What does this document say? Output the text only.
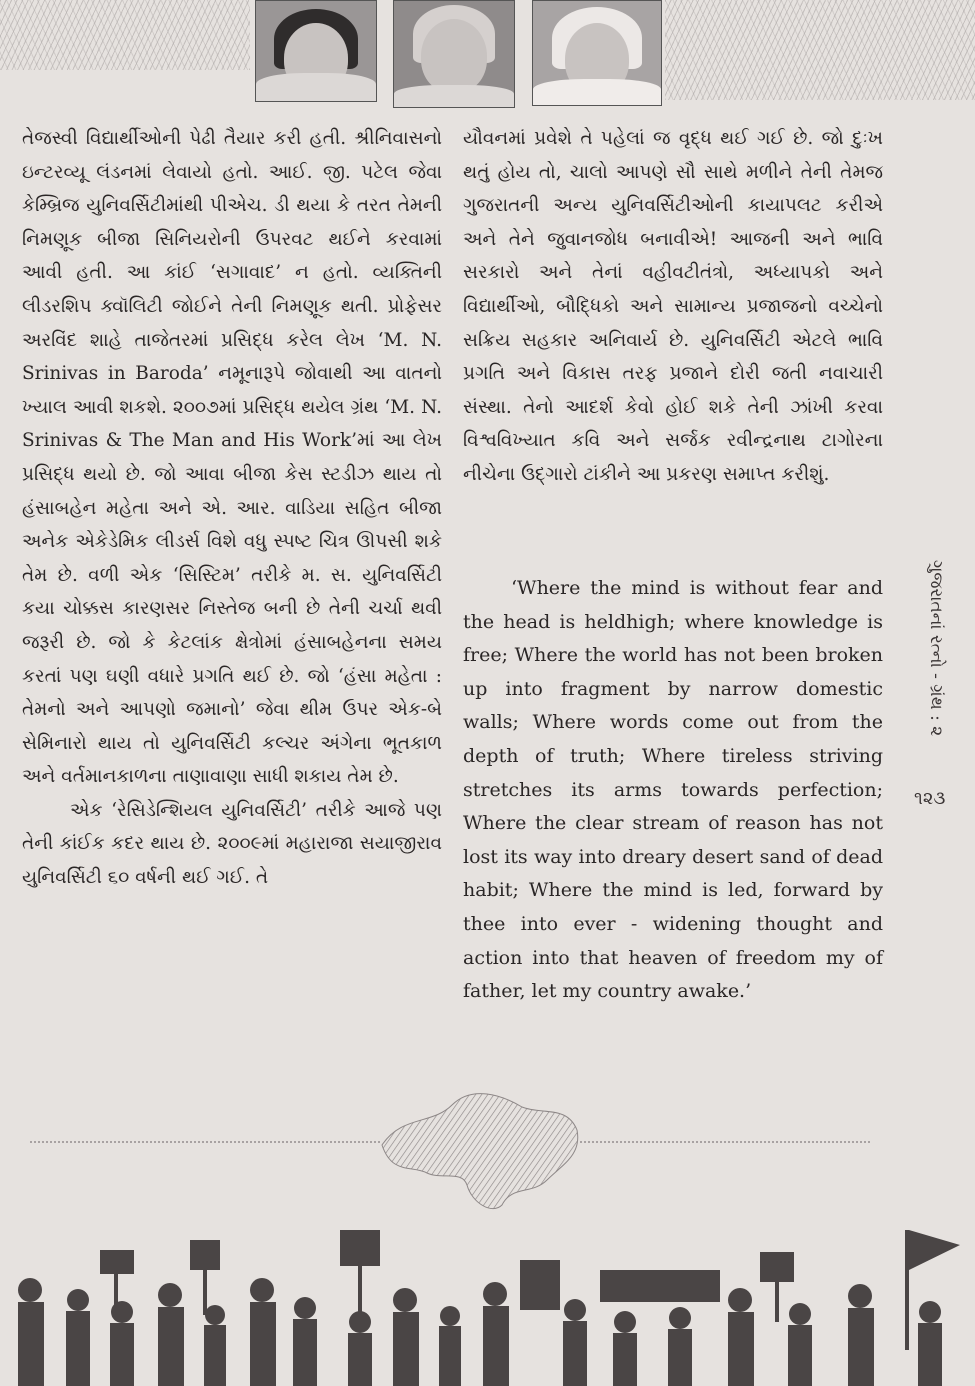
તેજસ્વી વિદ્યાર્થીઓની પેઢી તૈયાર કરી હતી. શ્રીનિવાસનો ઇન્ટરવ્યૂ લંડનમાં લેવાયો હતો. આઈ. જી. પટેલ જેવા કેમ્બ્રિજ યુનિવર્સિટીમાંથી પીએચ. ડી થયા કે તરત તેમની નિમણૂક બીજા સિનિયરોની ઉપરવટ થઈને કરવામાં આવી હતી. આ કાંઈ ‘સગાવાદ’ ન હતો. વ્યક્તિની લીડરશિપ ક્વૉલિટી જોઈને તેની નિમણૂક થતી. પ્રોફેસર અરવિંદ શાહે તાજેતરમાં પ્રસિદ્ધ કરેલ લેખ ‘M. N. Srinivas in Baroda’ નમૂનારૂપે જોવાથી આ વાતનો ખ્યાલ આવી શકશે. ૨૦૦૭માં પ્રસિદ્ધ થયેલ ગ્રંથ ‘M. N. Srinivas & The Man and His Work’માં આ લેખ પ્રસિદ્ધ થયો છે. જો આવા બીજા કેસ સ્ટડીઝ થાય તો હંસાબહેન મહેતા અને એ. આર. વાડિયા સહિત બીજા અનેક એકેડેમિક લીડર્સ વિશે વધુ સ્પષ્ટ ચિત્ર ઊપસી શકે તેમ છે. વળી એક ‘સિસ્ટિમ’ તરીકે મ. સ. યુનિવર્સિટી કયા ચોક્કસ કારણસર નિસ્તેજ બની છે તેની ચર્ચા થવી જરૂરી છે. જો કે કેટલાંક ક્ષેત્રોમાં હંસાબહેનના સમય કરતાં પણ ઘણી વધારે પ્રગતિ થઈ છે. જો ‘હંસા મહેતા : તેમનો અને આપણો જમાનો’ જેવા થીમ ઉપર એક-બે સેમિનારો થાય તો યુનિવર્સિટી કલ્ચર અંગેના ભૂતકાળ અને વર્તમાનકાળના તાણાવાણા સાધી શકાય તેમ છે.

એક ‘રેસિડેન્શિયલ યુનિવર્સિટી’ તરીકે આજે પણ તેની કાંઈક કદર થાય છે. ૨૦૦૯માં મહારાજા સયાજીરાવ યુનિવર્સિટી ૬૦ વર્ષની થઈ ગઈ. તે

યૌવનમાં પ્રવેશે તે પહેલાં જ વૃદ્ધ થઈ ગઈ છે. જો દુઃખ થતું હોય તો, ચાલો આપણે સૌ સાથે મળીને તેની તેમજ ગુજરાતની અન્ય યુનિવર્સિટીઓની કાયાપલટ કરીએ અને તેને જુવાનજોધ બનાવીએ! આજની અને ભાવિ સરકારો અને તેનાં વહીવટીતંત્રો, અધ્યાપકો અને વિદ્યાર્થીઓ, બૌદ્ધિકો અને સામાન્ય પ્રજાજનો વચ્ચેનો સક્રિય સહકાર અનિવાર્ય છે. યુનિવર્સિટી એટલે ભાવિ પ્રગતિ અને વિકાસ તરફ પ્રજાને દોરી જતી નવાચારી સંસ્થા. તેનો આદર્શ કેવો હોઈ શકે તેની ઝાંખી કરવા વિશ્વવિખ્યાત કવિ અને સર્જક રવીન્દ્રનાથ ટાગોરના નીચેના ઉદ્ગારો ટાંકીને આ પ્રકરણ સમાપ્ત કરીશું.

‘Where the mind is without fear and the head is heldhigh; where knowledge is free; Where the world has not been broken up into fragment by narrow domestic walls; Where words come out from the depth of truth; Where tireless striving stretches its arms towards perfection; Where the clear stream of reason has not lost its way into dreary desert sand of dead habit; Where the mind is led, forward by thee into ever - widening thought and action into that heaven of freedom my of father, let my country awake.’
ગુજરાતનાં રત્નો - ગ્રંથ : ૨
૧૨૩
